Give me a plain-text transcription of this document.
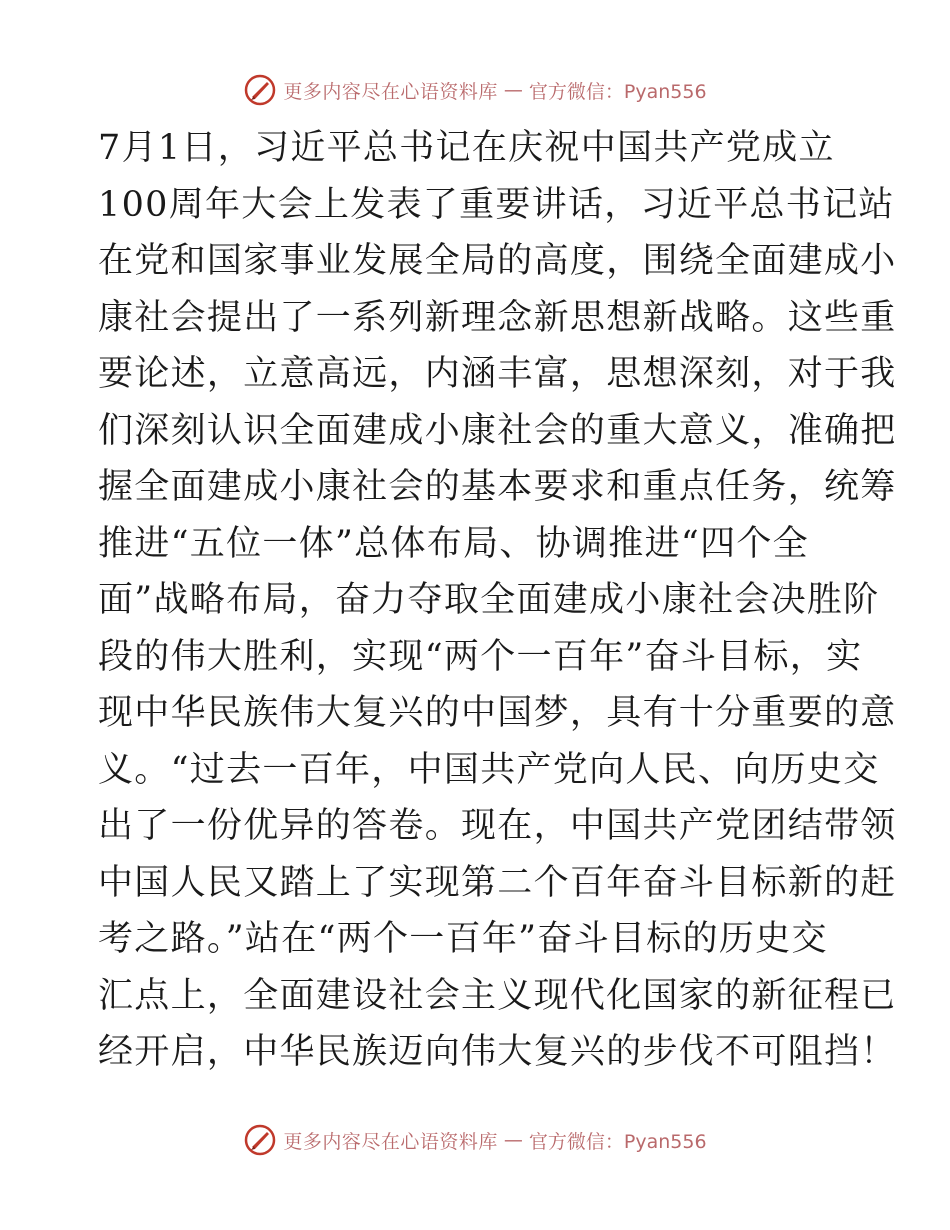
更多内容尽在心语资料库 — 官方微信：Pyan556
7月1日，习近平总书记在庆祝中国共产党成立
100周年大会上发表了重要讲话，习近平总书记站
在党和国家事业发展全局的高度，围绕全面建成小
康社会提出了一系列新理念新思想新战略。这些重
要论述，立意高远，内涵丰富，思想深刻，对于我
们深刻认识全面建成小康社会的重大意义，准确把
握全面建成小康社会的基本要求和重点任务，统筹
推进“五位一体”总体布局、协调推进“四个全
面”战略布局，奋力夺取全面建成小康社会决胜阶
段的伟大胜利，实现“两个一百年”奋斗目标，实
现中华民族伟大复兴的中国梦，具有十分重要的意
义。“过去一百年，中国共产党向人民、向历史交
出了一份优异的答卷。现在，中国共产党团结带领
中国人民又踏上了实现第二个百年奋斗目标新的赶
考之路。”站在“两个一百年”奋斗目标的历史交
汇点上，全面建设社会主义现代化国家的新征程已
经开启，中华民族迈向伟大复兴的步伐不可阻挡！
更多内容尽在心语资料库 — 官方微信：Pyan556
